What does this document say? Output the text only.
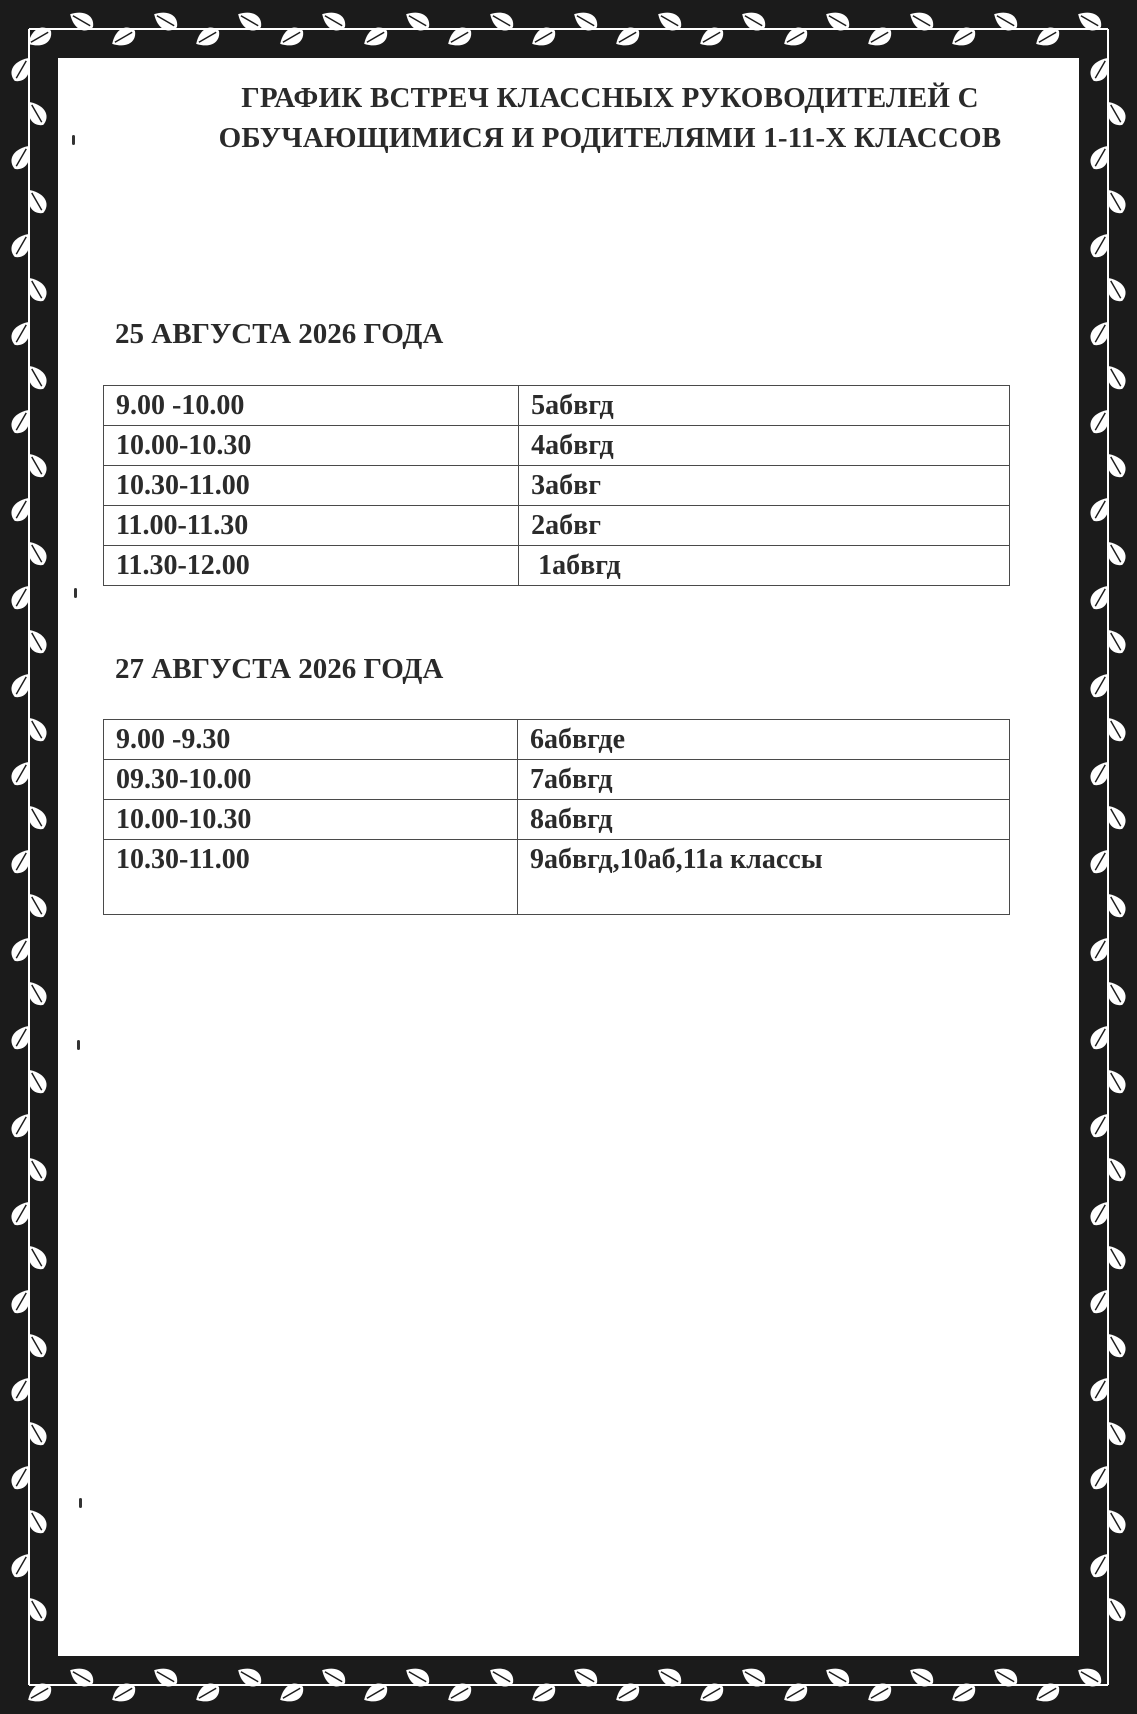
ГРАФИК ВСТРЕЧ КЛАССНЫХ РУКОВОДИТЕЛЕЙ С
ОБУЧАЮЩИМИСЯ И РОДИТЕЛЯМИ 1-11-Х КЛАССОВ
25 АВГУСТА 2026 ГОДА
9.00 -10.00	5абвгд
10.00-10.30	4абвгд
10.30-11.00	3абвг
11.00-11.30	2абвг
11.30-12.00	1абвгд
27 АВГУСТА 2026 ГОДА
9.00 -9.30	6абвгде
09.30-10.00	7абвгд
10.00-10.30	8абвгд
10.30-11.00	9абвгд,10аб,11а классы
